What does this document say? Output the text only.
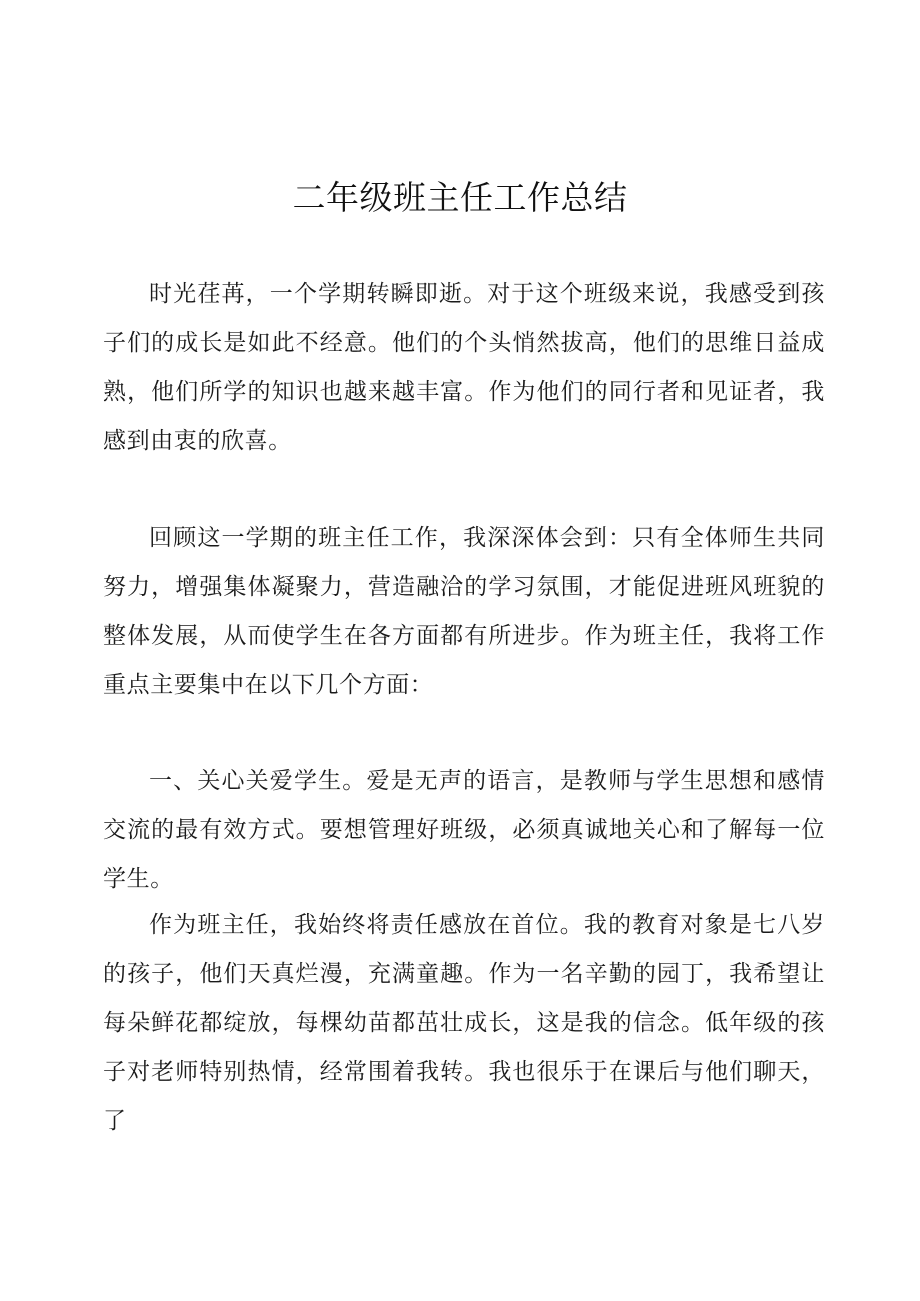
二年级班主任工作总结

时光荏苒，一个学期转瞬即逝。对于这个班级来说，我感受到孩子们的成长是如此不经意。他们的个头悄然拔高，他们的思维日益成熟，他们所学的知识也越来越丰富。作为他们的同行者和见证者，我感到由衷的欣喜。

回顾这一学期的班主任工作，我深深体会到：只有全体师生共同努力，增强集体凝聚力，营造融洽的学习氛围，才能促进班风班貌的整体发展，从而使学生在各方面都有所进步。作为班主任，我将工作重点主要集中在以下几个方面：

一、关心关爱学生。爱是无声的语言，是教师与学生思想和感情交流的最有效方式。要想管理好班级，必须真诚地关心和了解每一位学生。

作为班主任，我始终将责任感放在首位。我的教育对象是七八岁的孩子，他们天真烂漫，充满童趣。作为一名辛勤的园丁，我希望让每朵鲜花都绽放，每棵幼苗都茁壮成长，这是我的信念。低年级的孩子对老师特别热情，经常围着我转。我也很乐于在课后与他们聊天，了
